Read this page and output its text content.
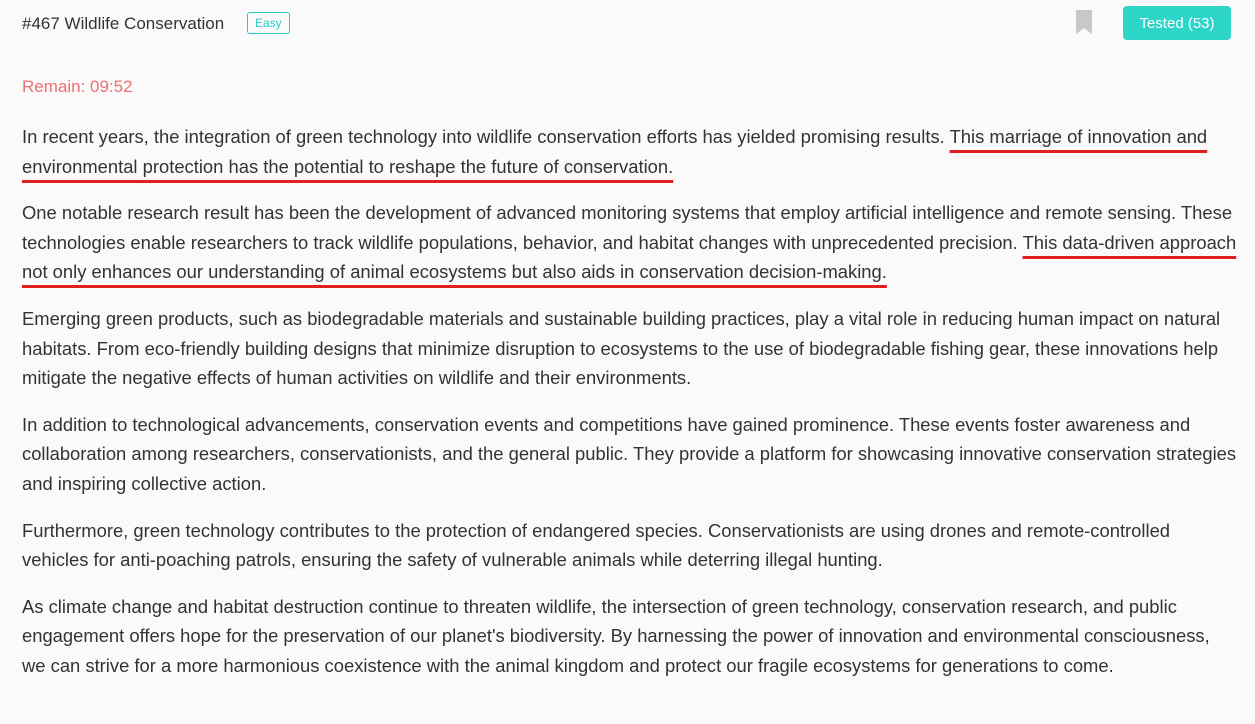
#467 Wildlife Conservation	Easy	Tested (53)
Remain: 09:52

In recent years, the integration of green technology into wildlife conservation efforts has yielded promising results. This marriage of innovation and environmental protection has the potential to reshape the future of conservation.

One notable research result has been the development of advanced monitoring systems that employ artificial intelligence and remote sensing. These technologies enable researchers to track wildlife populations, behavior, and habitat changes with unprecedented precision. This data-driven approach not only enhances our understanding of animal ecosystems but also aids in conservation decision-making.

Emerging green products, such as biodegradable materials and sustainable building practices, play a vital role in reducing human impact on natural habitats. From eco-friendly building designs that minimize disruption to ecosystems to the use of biodegradable fishing gear, these innovations help mitigate the negative effects of human activities on wildlife and their environments.

In addition to technological advancements, conservation events and competitions have gained prominence. These events foster awareness and collaboration among researchers, conservationists, and the general public. They provide a platform for showcasing innovative conservation strategies and inspiring collective action.

Furthermore, green technology contributes to the protection of endangered species. Conservationists are using drones and remote-controlled vehicles for anti-poaching patrols, ensuring the safety of vulnerable animals while deterring illegal hunting.

As climate change and habitat destruction continue to threaten wildlife, the intersection of green technology, conservation research, and public engagement offers hope for the preservation of our planet's biodiversity. By harnessing the power of innovation and environmental consciousness, we can strive for a more harmonious coexistence with the animal kingdom and protect our fragile ecosystems for generations to come.
